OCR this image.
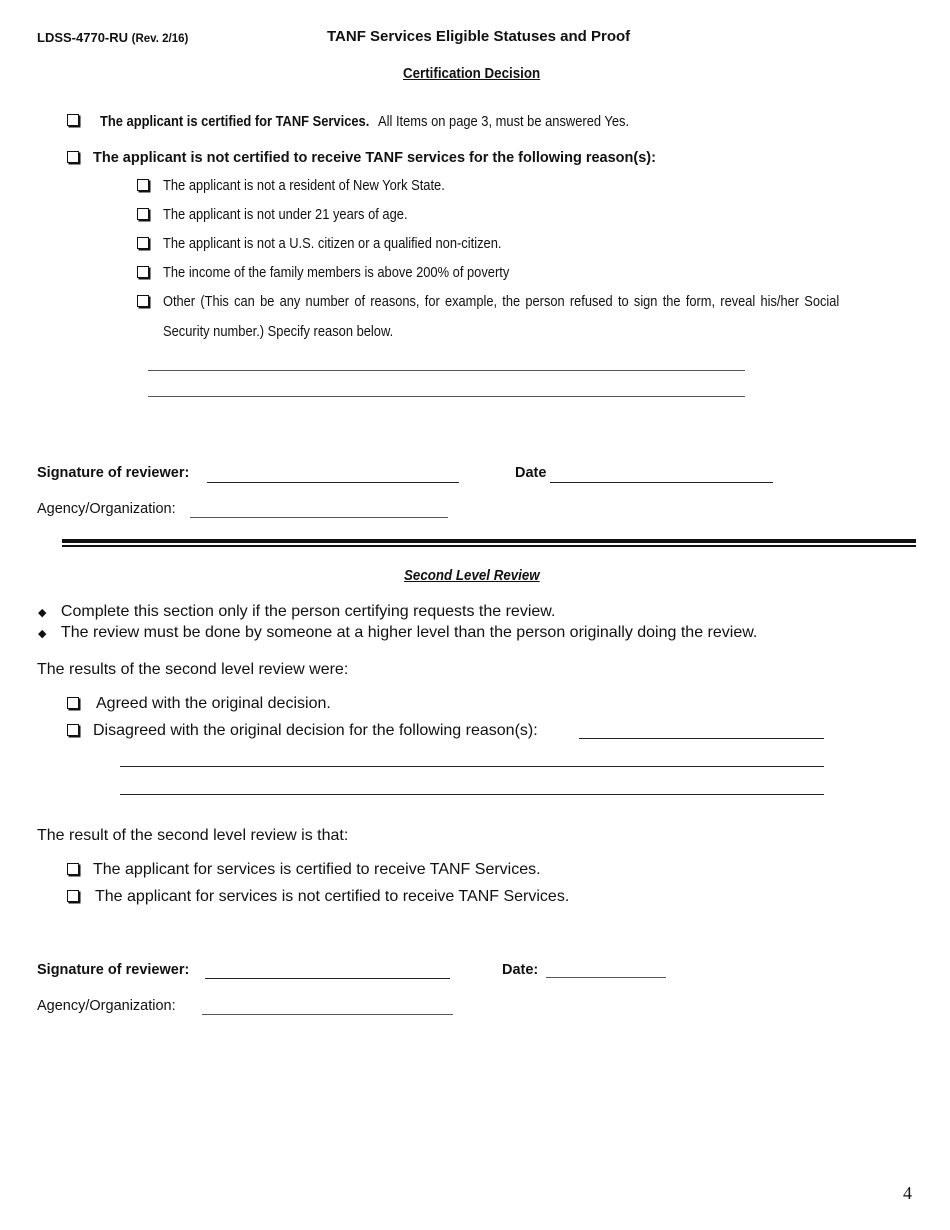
LDSS-4770-RU (Rev. 2/16)	TANF Services Eligible Statuses and Proof
Certification Decision
The applicant is certified for TANF Services. All Items on page 3, must be answered Yes.
The applicant is not certified to receive TANF services for the following reason(s):
The applicant is not a resident of New York State.
The applicant is not under 21 years of age.
The applicant is not a U.S. citizen or a qualified non-citizen.
The income of the family members is above 200% of poverty
Other (This can be any number of reasons, for example, the person refused to sign the form, reveal his/her Social
Security number.) Specify reason below.
Signature of reviewer:	Date
Agency/Organization:
Second Level Review
◆ Complete this section only if the person certifying requests the review.
◆ The review must be done by someone at a higher level than the person originally doing the review.
The results of the second level review were:
Agreed with the original decision.
Disagreed with the original decision for the following reason(s):
The result of the second level review is that:
The applicant for services is certified to receive TANF Services.
The applicant for services is not certified to receive TANF Services.
Signature of reviewer:	Date:
Agency/Organization:
4
